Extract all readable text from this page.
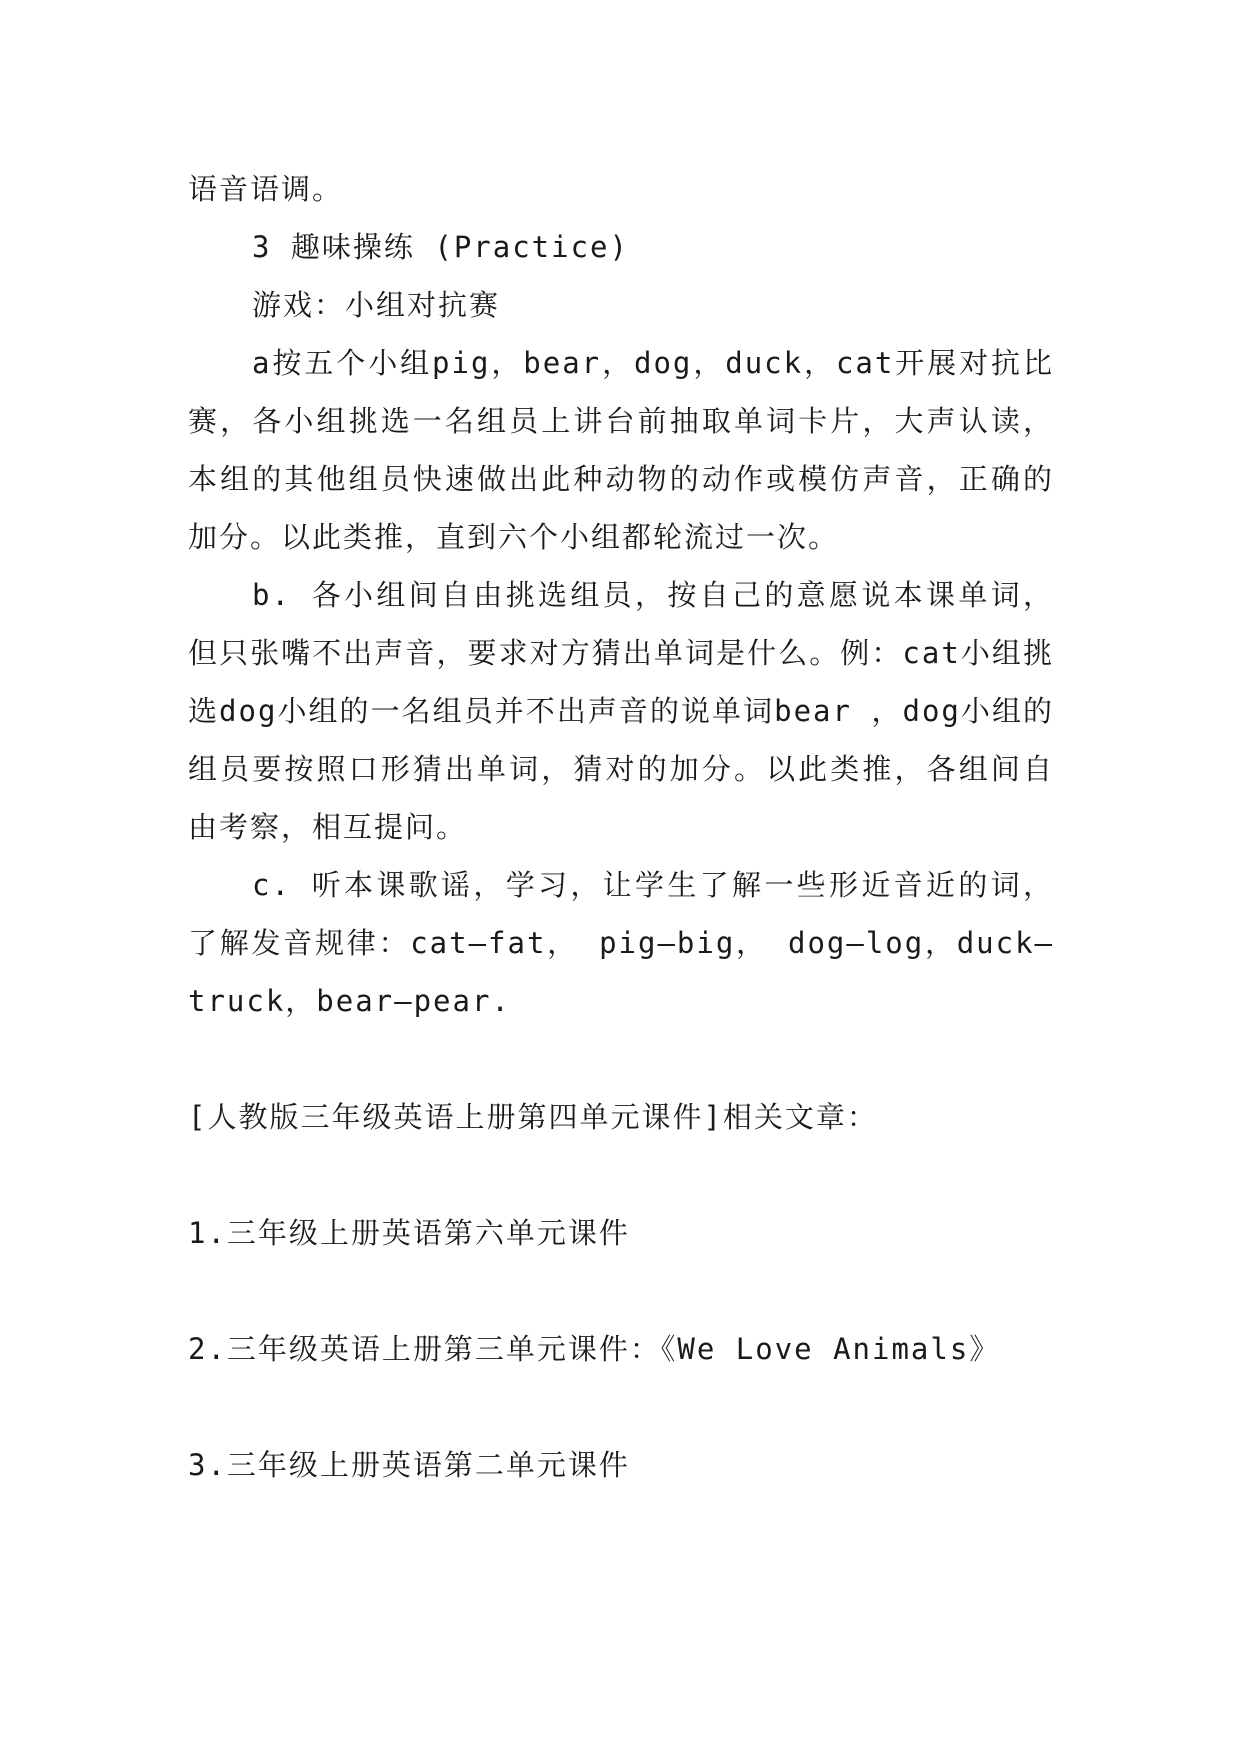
语音语调。

3 趣味操练 (Practice)

游戏：小组对抗赛

a按五个小组pig，bear，dog，duck，cat开展对抗比赛，各小组挑选一名组员上讲台前抽取单词卡片，大声认读，本组的其他组员快速做出此种动物的动作或模仿声音，正确的加分。以此类推，直到六个小组都轮流过一次。

b. 各小组间自由挑选组员，按自己的意愿说本课单词，但只张嘴不出声音，要求对方猜出单词是什么。例：cat小组挑选dog小组的一名组员并不出声音的说单词bear ，dog小组的组员要按照口形猜出单词，猜对的加分。以此类推，各组间自由考察，相互提问。

c. 听本课歌谣，学习，让学生了解一些形近音近的词，了解发音规律：cat—fat， pig—big， dog—log，duck—truck，bear—pear.

[人教版三年级英语上册第四单元课件]相关文章：

1.三年级上册英语第六单元课件

2.三年级英语上册第三单元课件：《We Love Animals》

3.三年级上册英语第二单元课件
